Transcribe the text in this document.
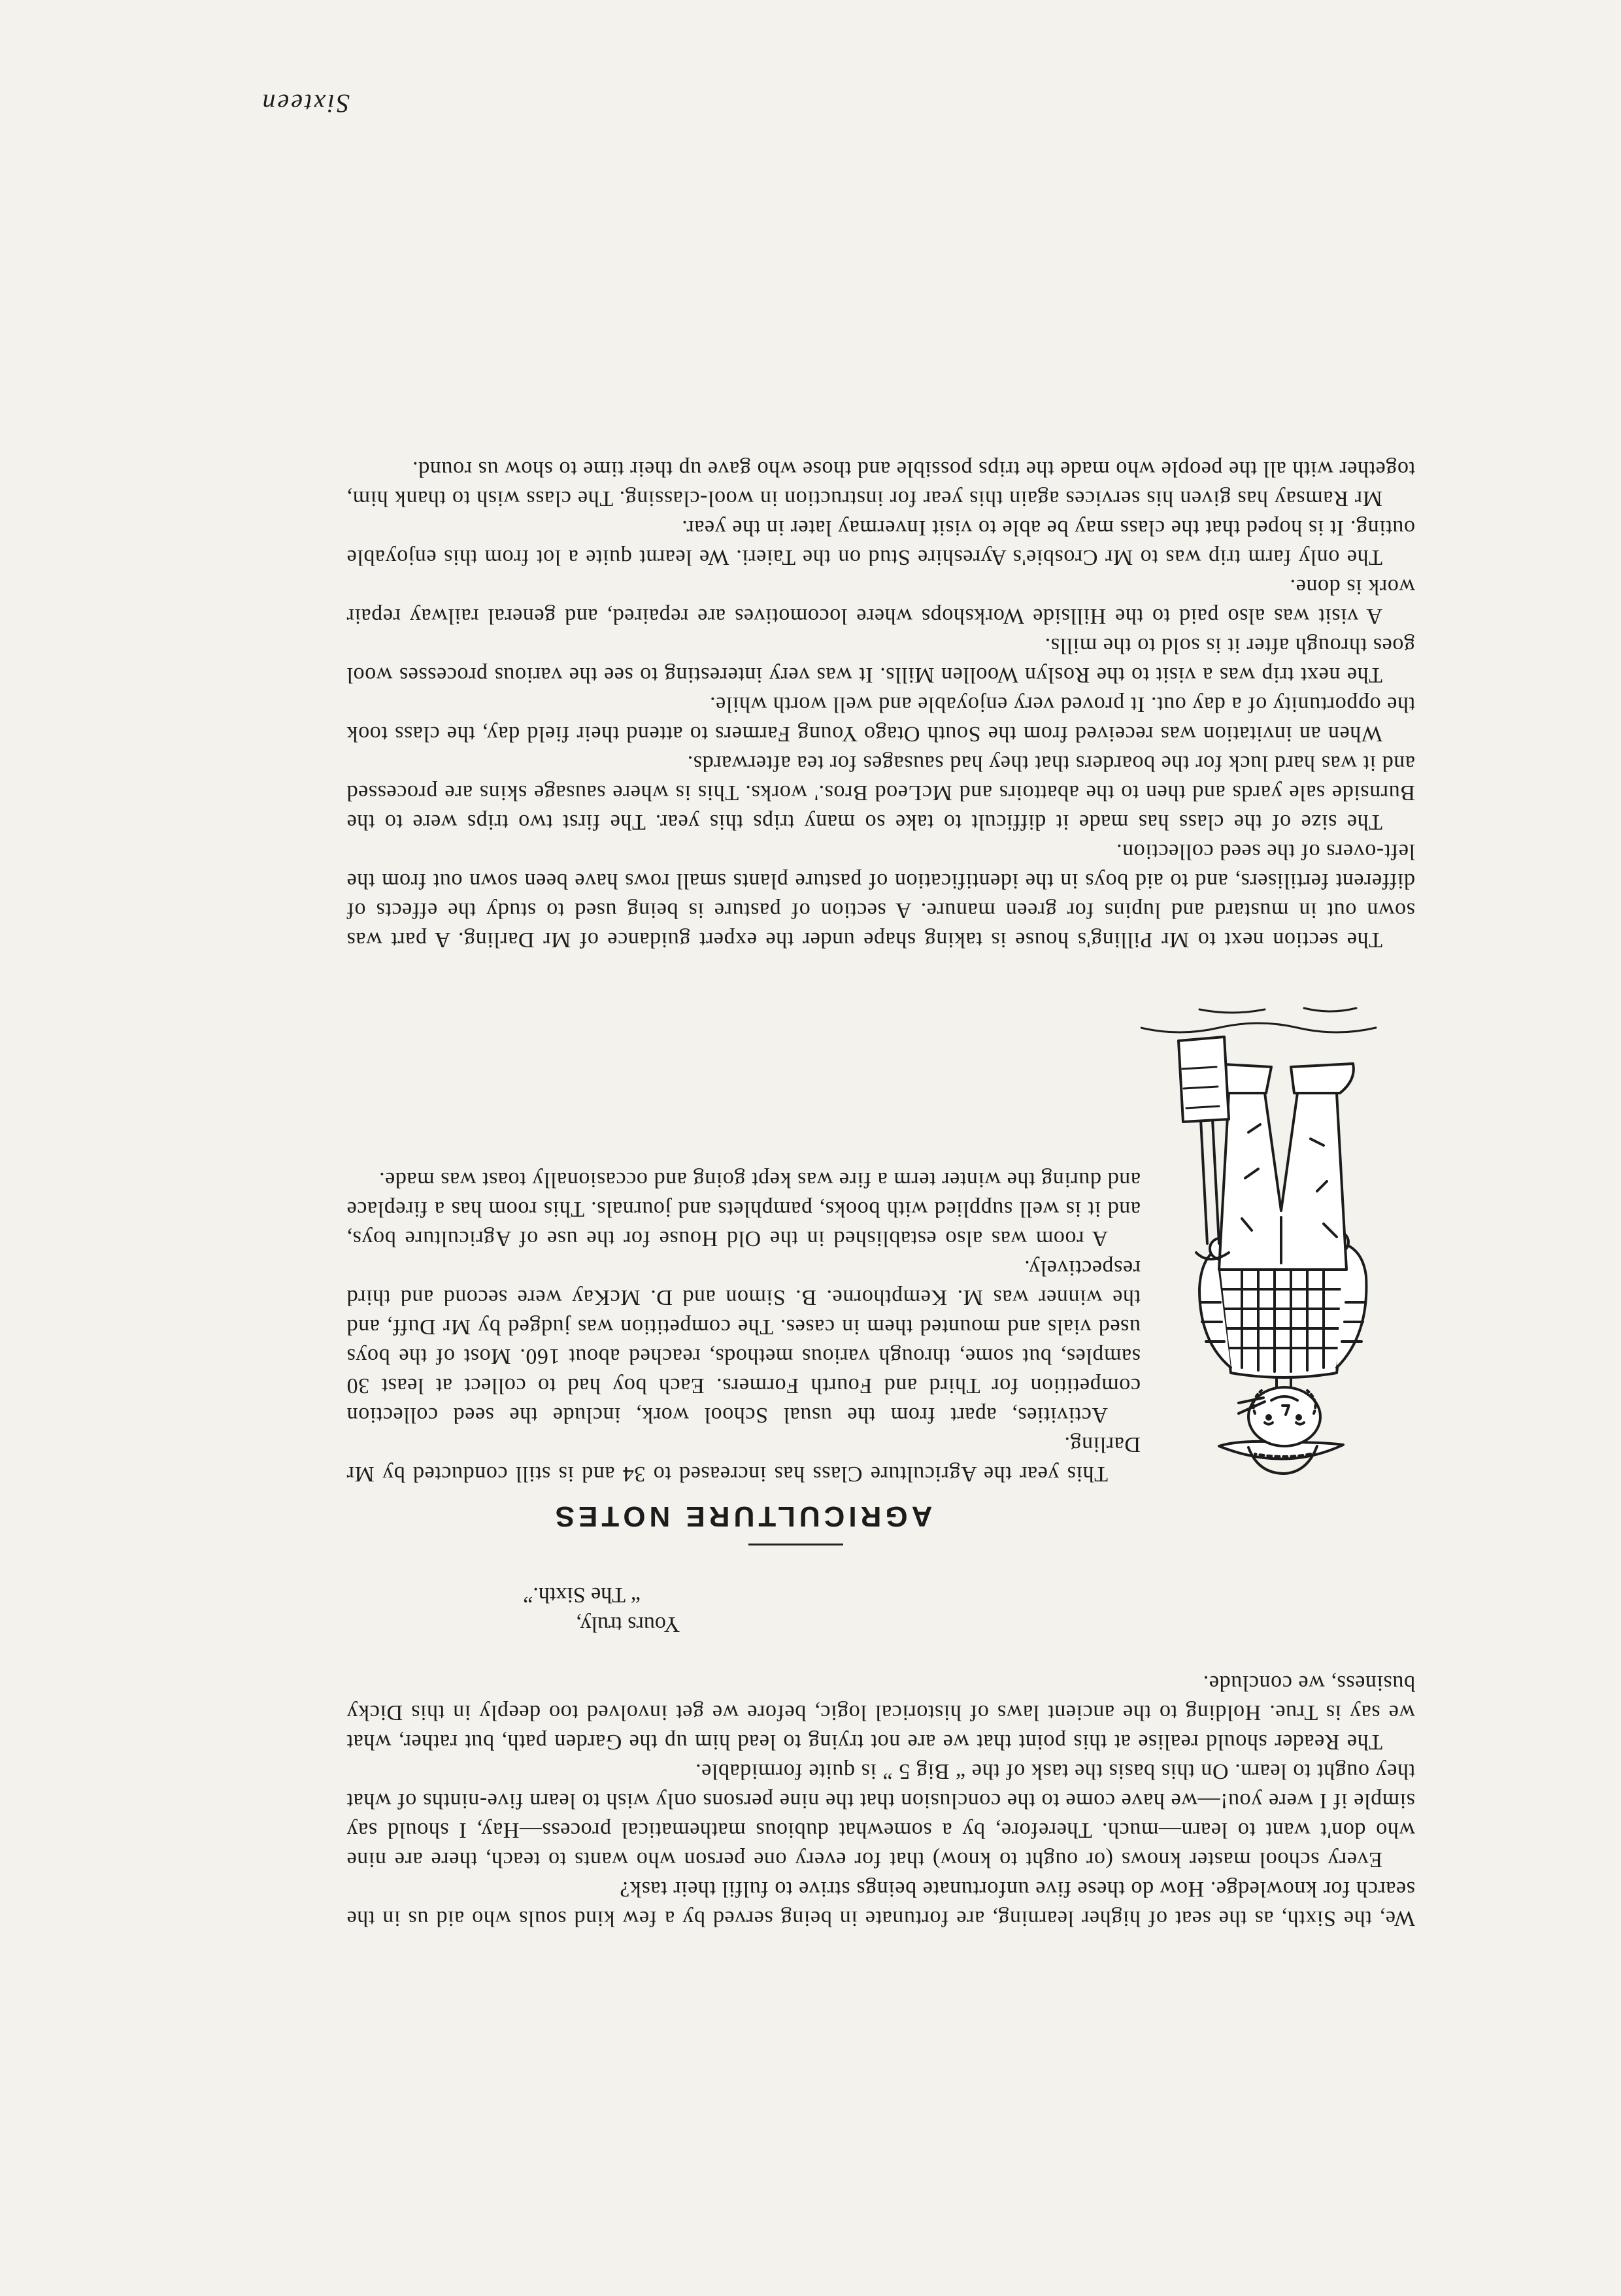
We, the Sixth, as the seat of higher learning, are fortunate in being served by a few kind souls who aid us in the search for knowledge. How do these five unfortunate beings strive to fulfil their task?

Every school master knows (or ought to know) that for every one person who wants to teach, there are nine who don't want to learn—much. Therefore, by a somewhat dubious mathematical process—Hay, I should say simple if I were you!—we have come to the conclusion that the nine persons only wish to learn five-ninths of what they ought to learn. On this basis the task of the “ Big 5 ” is quite formidable.

The Reader should realise at this point that we are not trying to lead him up the Garden path, but rather, what we say is True. Holding to the ancient laws of historical logic, before we get involved too deeply in this Dicky business, we conclude.

Yours truly,
“ The Sixth.”
AGRICULTURE NOTES

This year the Agriculture Class has increased to 34 and is still conducted by Mr Darling.

Activities, apart from the usual School work, include the seed collection competition for Third and Fourth Formers. Each boy had to collect at least 30 samples, but some, through various methods, reached about 160. Most of the boys used vials and mounted them in cases. The competition was judged by Mr Duff, and the winner was M. Kempthorne. B. Simon and D. McKay were second and third respectively.

A room was also established in the Old House for the use of Agriculture boys, and it is well supplied with books, pamphlets and journals. This room has a fireplace and during the winter term a fire was kept going and occasionally toast was made.

The section next to Mr Pilling's house is taking shape under the expert guidance of Mr Darling. A part was sown out in mustard and lupins for green manure. A section of pasture is being used to study the effects of different fertilisers, and to aid boys in the identification of pasture plants small rows have been sown out from the left-overs of the seed collection.

The size of the class has made it difficult to take so many trips this year. The first two trips were to the Burnside sale yards and then to the abattoirs and McLeod Bros.' works. This is where sausage skins are processed and it was hard luck for the boarders that they had sausages for tea afterwards.

When an invitation was received from the South Otago Young Farmers to attend their field day, the class took the opportunity of a day out. It proved very enjoyable and well worth while.

The next trip was a visit to the Roslyn Woollen Mills. It was very interesting to see the various processes wool goes through after it is sold to the mills.

A visit was also paid to the Hillside Workshops where locomotives are repaired, and general railway repair work is done.

The only farm trip was to Mr Crosbie's Ayreshire Stud on the Taieri. We learnt quite a lot from this enjoyable outing. It is hoped that the class may be able to visit Invermay later in the year.

Mr Ramsay has given his services again this year for instruction in wool-classing. The class wish to thank him, together with all the people who made the trips possible and those who gave up their time to show us round.

Sixteen
